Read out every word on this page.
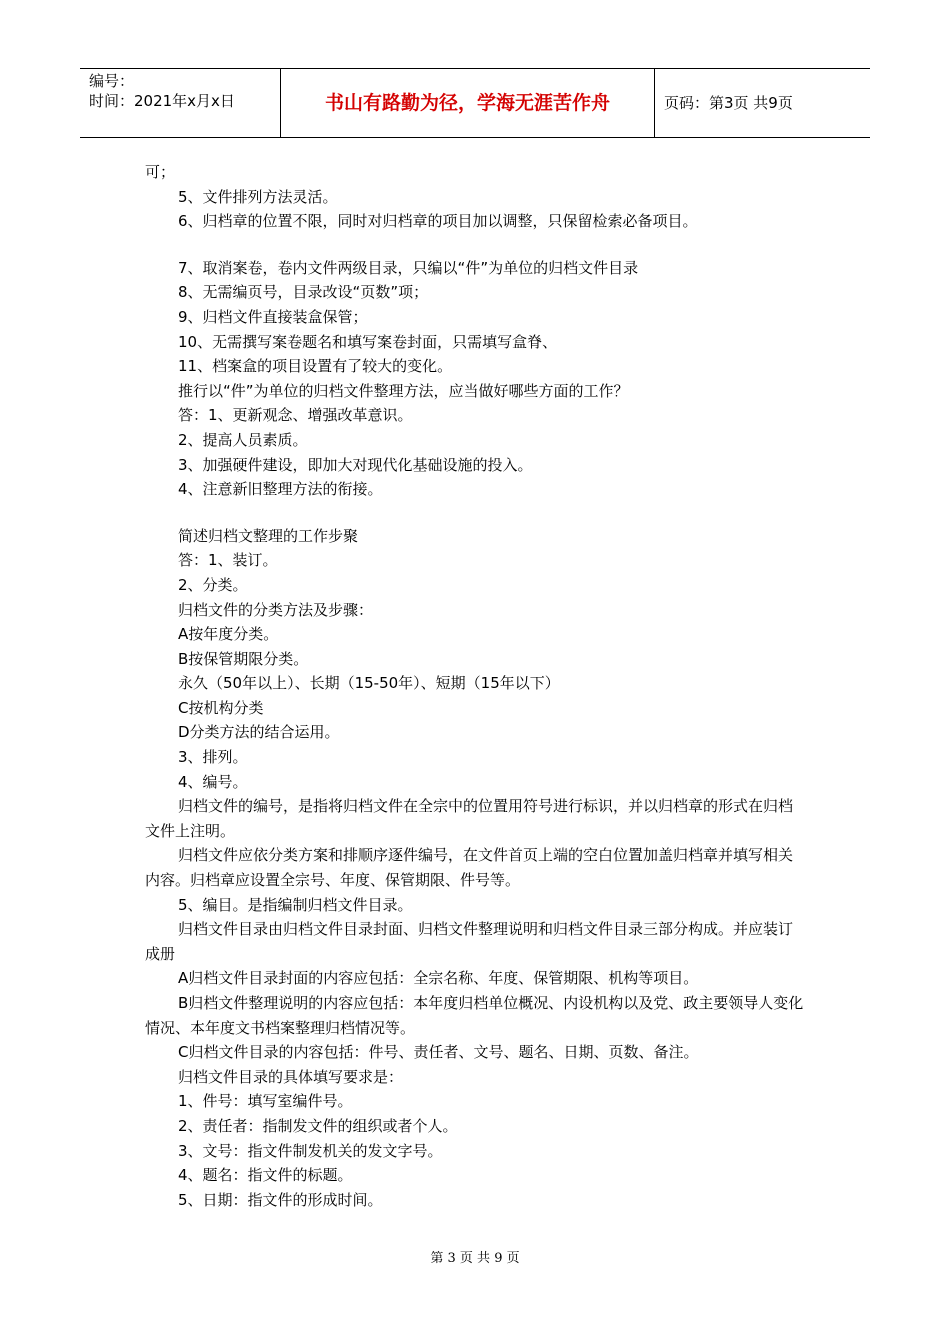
编号：
时间：2021年x月x日	书山有路勤为径，学海无涯苦作舟	页码：第3页 共9页

可；

5、文件排列方法灵活。

6、归档章的位置不限，同时对归档章的项目加以调整，只保留检索必备项目。

7、取消案卷，卷内文件两级目录，只编以“件”为单位的归档文件目录

8、无需编页号，目录改设“页数”项；

9、归档文件直接装盒保管；

10、无需撰写案卷题名和填写案卷封面，只需填写盒脊、

11、档案盒的项目设置有了较大的变化。

推行以“件”为单位的归档文件整理方法，应当做好哪些方面的工作？

答：1、更新观念、增强改革意识。

2、提高人员素质。

3、加强硬件建设，即加大对现代化基础设施的投入。

4、注意新旧整理方法的衔接。

简述归档文整理的工作步聚

答：1、装订。

2、分类。

归档文件的分类方法及步骤：

A按年度分类。

B按保管期限分类。

永久（50年以上）、长期（15-50年）、短期（15年以下）

C按机构分类

D分类方法的结合运用。

3、排列。

4、编号。

归档文件的编号，是指将归档文件在全宗中的位置用符号进行标识，并以归档章的形式在归档文件上注明。

归档文件应依分类方案和排顺序逐件编号，在文件首页上端的空白位置加盖归档章并填写相关内容。归档章应设置全宗号、年度、保管期限、件号等。

5、编目。是指编制归档文件目录。

归档文件目录由归档文件目录封面、归档文件整理说明和归档文件目录三部分构成。并应装订成册

A归档文件目录封面的内容应包括：全宗名称、年度、保管期限、机构等项目。

B归档文件整理说明的内容应包括：本年度归档单位概况、内设机构以及党、政主要领导人变化情况、本年度文书档案整理归档情况等。

C归档文件目录的内容包括：件号、责任者、文号、题名、日期、页数、备注。

归档文件目录的具体填写要求是：

1、件号：填写室编件号。

2、责任者：指制发文件的组织或者个人。

3、文号：指文件制发机关的发文字号。

4、题名：指文件的标题。

5、日期：指文件的形成时间。

第 3 页 共 9 页
